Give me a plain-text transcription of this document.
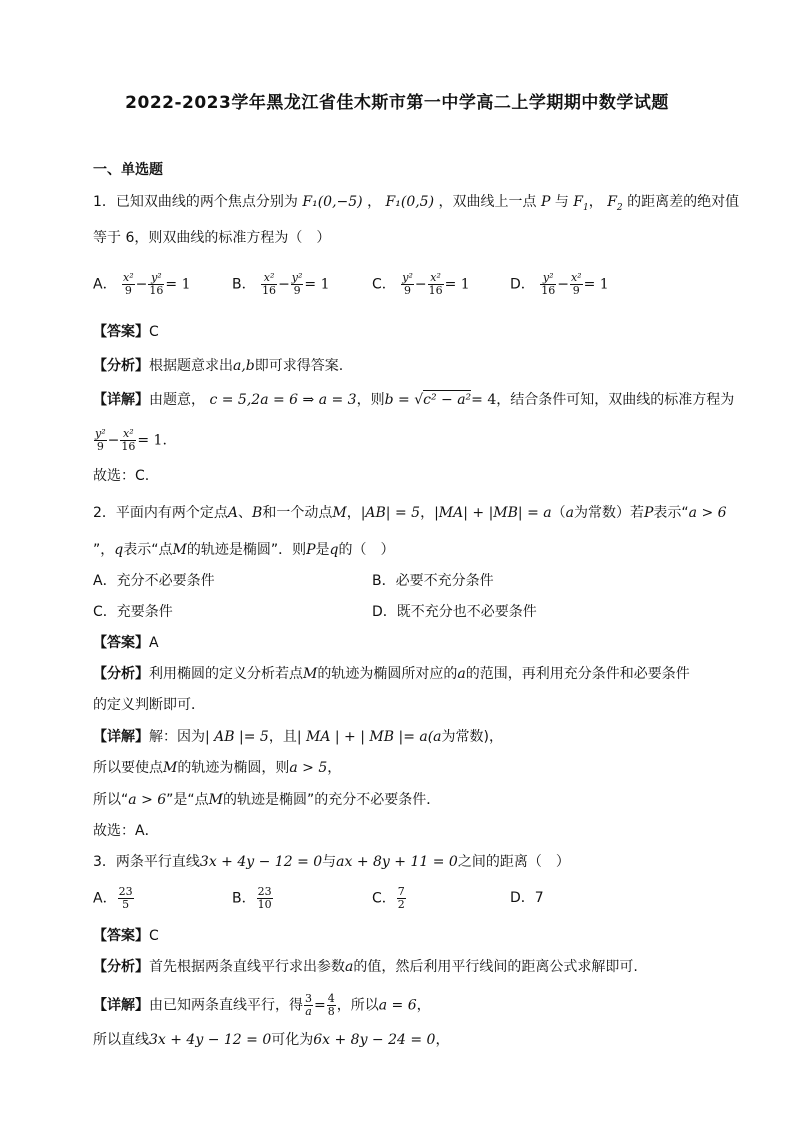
2022-2023学年黑龙江省佳木斯市第一中学高二上学期期中数学试题
一、单选题
1．已知双曲线的两个焦点分别为 F₁(0,−5) ， F₁(0,5) ，双曲线上一点 P 与 $F_1$， $F_2$ 的距离差的绝对值
等于 6，则双曲线的标准方程为（　）
A． $\frac{\text{x²}}{9} - \frac{\text{y²}}{16} = 1$	B． $\frac{\text{x²}}{16} - \frac{\text{y²}}{9} = 1$	C． $\frac{\text{y²}}{9} - \frac{\text{x²}}{16} = 1$	D． $\frac{\text{y²}}{16} - \frac{\text{x²}}{9} = 1$
【答案】C
【分析】根据题意求出a,b即可求得答案.
【详解】由题意， c = 5,2a = 6 ⇒ a = 3，则b = √c² − a²= 4，结合条件可知，双曲线的标准方程为
$\frac{\text{y²}}{9} - \frac{\text{x²}}{16} = 1$.
故选：C.
2．平面内有两个定点A、B和一个动点M，|AB| = 5，|MA| + |MB| = a（a为常数）若P表示“a > 6
”，q表示“点M的轨迹是椭圆”．则P是q的（　）
A．充分不必要条件	B．必要不充分条件
C．充要条件	D．既不充分也不必要条件
【答案】A
【分析】利用椭圆的定义分析若点M的轨迹为椭圆所对应的a的范围，再利用充分条件和必要条件
的定义判断即可．
【详解】解：因为| AB |= 5，且| MA | + | MB |= a(a为常数)，
所以要使点M的轨迹为椭圆，则a > 5，
所以“a > 6”是“点M的轨迹是椭圆”的充分不必要条件．
故选：A．
3．两条平行直线3x + 4y − 12 = 0与ax + 8y + 11 = 0之间的距离（　）
A． $\frac{23}{5}$	B． $\frac{23}{10}$	C． $\frac{7}{2}$	D．7
【答案】C
【分析】首先根据两条直线平行求出参数a的值，然后利用平行线间的距离公式求解即可.
【详解】由已知两条直线平行，得 $\frac{3}{a} = \frac{4}{8}$ ，所以a = 6，
所以直线3x + 4y − 12 = 0可化为6x + 8y − 24 = 0，
